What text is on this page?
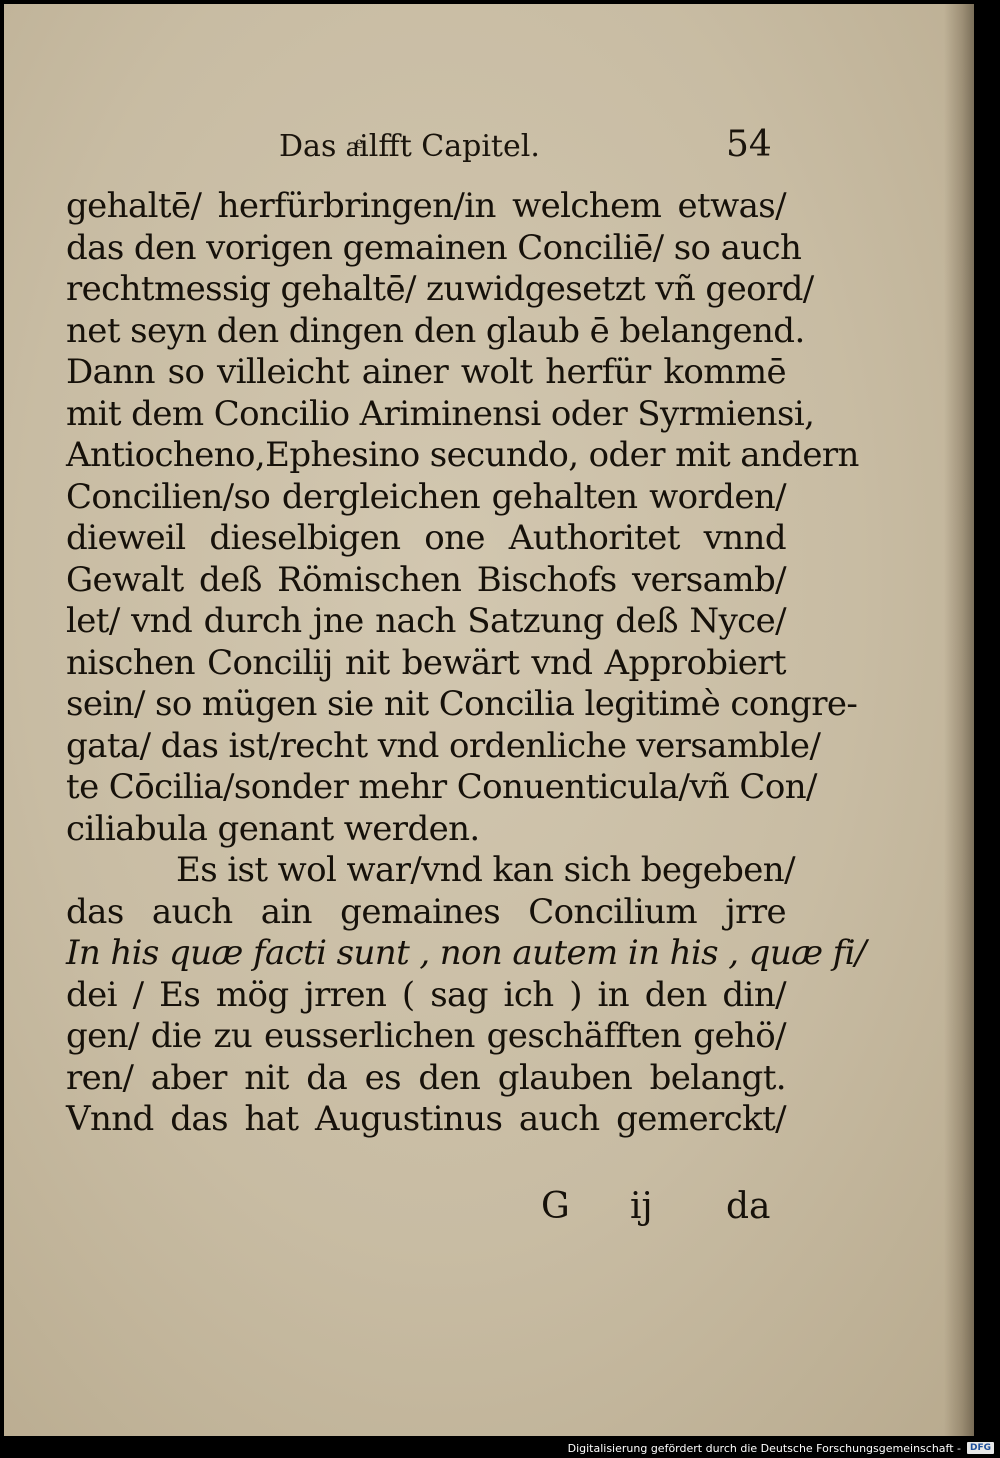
Das aͤilfft Capitel.	54
gehaltē/ herfürbringen/in welchem etwas/
das den vorigen gemainen Conciliē/ so auch
rechtmessig gehaltē/ zuwidgesetzt vñ geord/
net seyn den dingen den glaub ē belangend.
Dann so villeicht ainer wolt herfür kommē
mit dem Concilio Ariminensi oder Syrmiensi,
Antiocheno,Ephesino secundo, oder mit andern
Concilien/so dergleichen gehalten worden/
dieweil dieselbigen one Authoritet vnnd
Gewalt deß Römischen Bischofs versamb/
let/ vnd durch jne nach Satzung deß Nyce/
nischen Concilij nit bewärt vnd Approbiert
sein/ so mügen sie nit Concilia legitimè congre-
gata/ das ist/recht vnd ordenliche versamble/
te Cōcilia/sonder mehr Conuenticula/vñ Con/
ciliabula genant werden.
Es ist wol war/vnd kan sich begeben/
das auch ain gemaines Concilium jrre
In his quæ facti sunt , non autem in his , quæ fi/
dei / Es mög jrren ( sag ich ) in den din/
gen/ die zu eusserlichen geschäfften gehö/
ren/ aber nit da es den glauben belangt.
Vnnd das hat Augustinus auch gemerckt/
G ij da
Digitalisierung gefördert durch die Deutsche Forschungsgemeinschaft -	DFG
